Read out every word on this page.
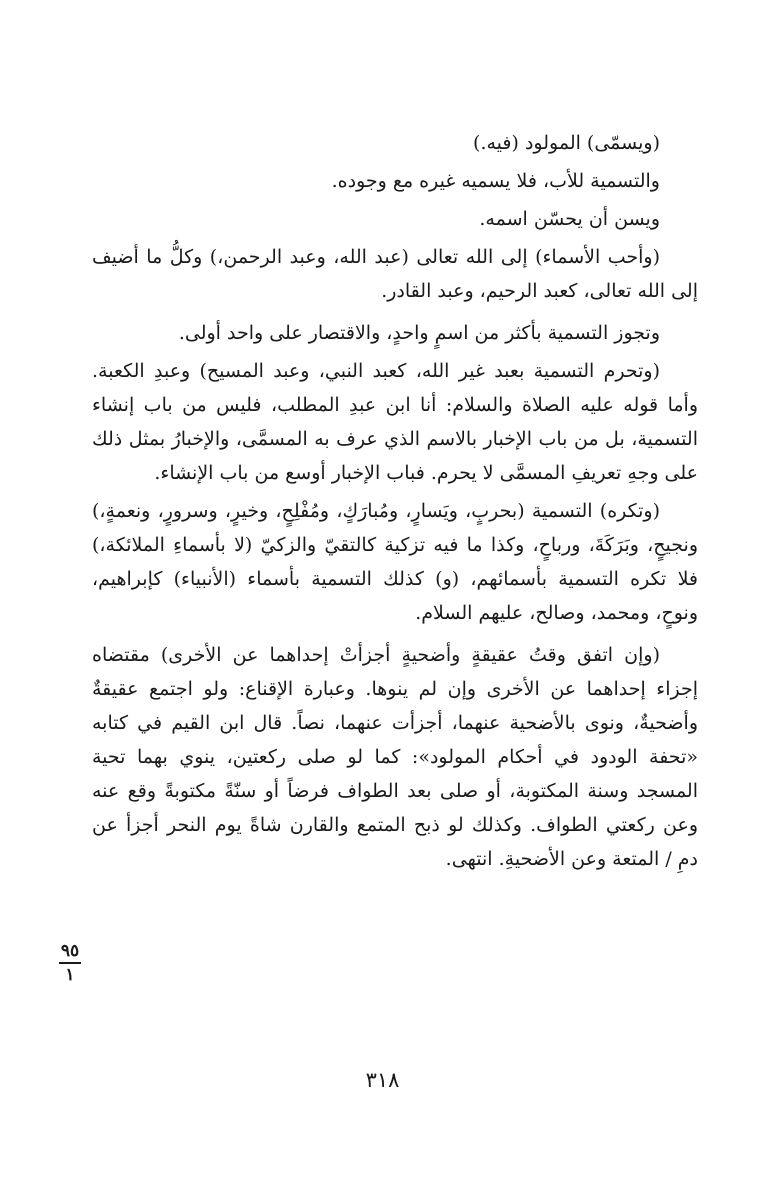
(ويسمّى) المولود (فيه.)

والتسمية للأب، فلا يسميه غيره مع وجوده.

ويسن أن يحسّن اسمه.

(وأحب الأسماء) إلى الله تعالى (عبد الله، وعبد الرحمن،) وكلُّ ما أضيف إلى الله تعالى، كعبد الرحيم، وعبد القادر.

وتجوز التسمية بأكثر من اسمٍ واحدٍ، والاقتصار على واحد أولى.

(وتحرم التسمية بعبد غير الله، كعبد النبي، وعبد المسيح) وعبدِ الكعبة. وأما قوله عليه الصلاة والسلام: أنا ابن عبدِ المطلب، فليس من باب إنشاء التسمية، بل من باب الإخبار بالاسم الذي عرف به المسمَّى، والإخبارُ بمثل ذلك على وجهِ تعريفِ المسمَّى لا يحرم. فباب الإخبار أوسع من باب الإنشاء.

(وتكره) التسمية (بحربٍ، ويَسارٍ، ومُبارَكٍ، ومُفْلِحٍ، وخيرٍ، وسرورٍ، ونعمةٍ،) ونجيحٍ، وبَرَكَةَ، ورباحٍ، وكذا ما فيه تزكية كالتقيّ والزكيّ (لا بأسماءِ الملائكة،) فلا تكره التسمية بأسمائهم، (و) كذلك التسمية بأسماء (الأنبياء) كإبراهيم، ونوحٍ، ومحمد، وصالح، عليهم السلام.

(وإن اتفق وقتُ عقيقةٍ وأضحيةٍ أجزأتْ إحداهما عن الأخرى) مقتضاه إجزاء إحداهما عن الأخرى وإن لم ينوها. وعبارة الإقناع: ولو اجتمع عقيقةٌ وأضحيةٌ، ونوى بالأضحية عنهما، أجزأت عنهما، نصاً. قال ابن القيم في كتابه «تحفة الودود في أحكام المولود»: كما لو صلى ركعتين، ينوي بهما تحية المسجد وسنة المكتوبة، أو صلى بعد الطواف فرضاً أو سنّةً مكتوبةً وقع عنه وعن ركعتي الطواف. وكذلك لو ذبح المتمع والقارن شاةً يوم النحر أجزأ عن دمِ / المتعة وعن الأضحيةِ. انتهى.

٩٥
١
٣١٨
